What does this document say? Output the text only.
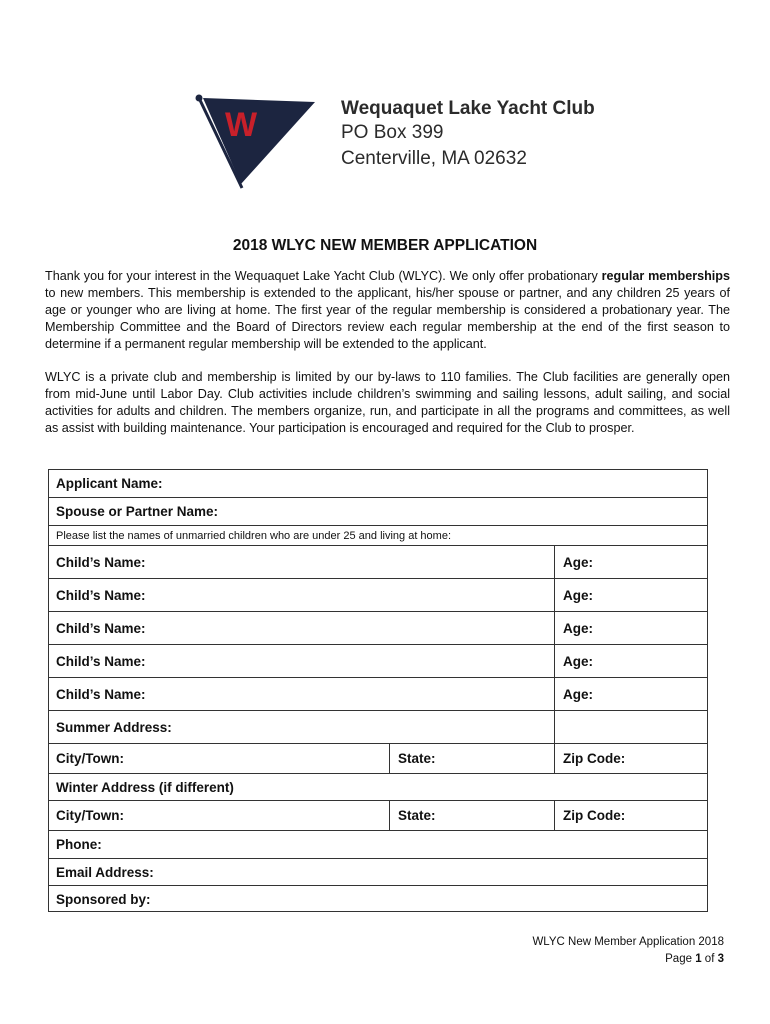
W	Wequaquet Lake Yacht Club
PO Box 399
Centerville, MA 02632
2018 WLYC NEW MEMBER APPLICATION
Thank you for your interest in the Wequaquet Lake Yacht Club (WLYC). We only offer probationary regular memberships to new members. This membership is extended to the applicant, his/her spouse or partner, and any children 25 years of age or younger who are living at home. The first year of the regular membership is considered a probationary year. The Membership Committee and the Board of Directors review each regular membership at the end of the first season to determine if a permanent regular membership will be extended to the applicant.
WLYC is a private club and membership is limited by our by-laws to 110 families. The Club facilities are generally open from mid-June until Labor Day. Club activities include children’s swimming and sailing lessons, adult sailing, and social activities for adults and children. The members organize, run, and participate in all the programs and committees, as well as assist with building maintenance. Your participation is encouraged and required for the Club to prosper.
Applicant Name:
Spouse or Partner Name:
Please list the names of unmarried children who are under 25 and living at home:
Child’s Name:	Age:
Child’s Name:	Age:
Child’s Name:	Age:
Child’s Name:	Age:
Child’s Name:	Age:
Summer Address:
City/Town:	State:	Zip Code:
Winter Address (if different)
City/Town:	State:	Zip Code:
Phone:
Email Address:
Sponsored by:
WLYC New Member Application 2018
Page 1 of 3
